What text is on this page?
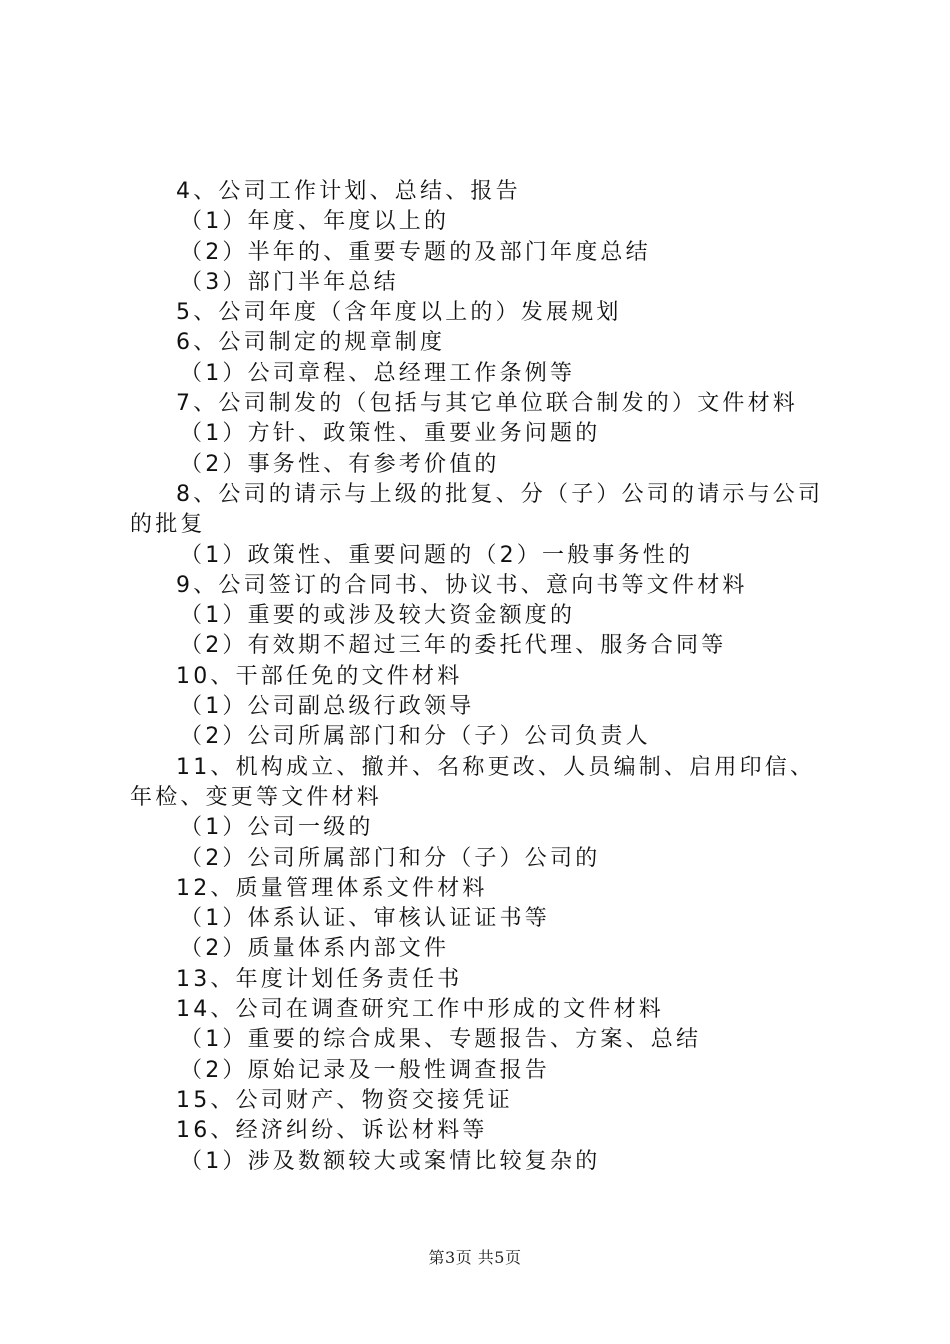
4、公司工作计划、总结、报告
（1）年度、年度以上的
（2）半年的、重要专题的及部门年度总结
（3）部门半年总结
5、公司年度（含年度以上的）发展规划
6、公司制定的规章制度
（1）公司章程、总经理工作条例等
7、公司制发的（包括与其它单位联合制发的）文件材料
（1）方针、政策性、重要业务问题的
（2）事务性、有参考价值的
8、公司的请示与上级的批复、分（子）公司的请示与公司
的批复
（1）政策性、重要问题的（2）一般事务性的
9、公司签订的合同书、协议书、意向书等文件材料
（1）重要的或涉及较大资金额度的
（2）有效期不超过三年的委托代理、服务合同等
10、干部任免的文件材料
（1）公司副总级行政领导
（2）公司所属部门和分（子）公司负责人
11、机构成立、撤并、名称更改、人员编制、启用印信、
年检、变更等文件材料
（1）公司一级的
（2）公司所属部门和分（子）公司的
12、质量管理体系文件材料
（1）体系认证、审核认证证书等
（2）质量体系内部文件
13、年度计划任务责任书
14、公司在调查研究工作中形成的文件材料
（1）重要的综合成果、专题报告、方案、总结
（2）原始记录及一般性调查报告
15、公司财产、物资交接凭证
16、经济纠纷、诉讼材料等
（1）涉及数额较大或案情比较复杂的
第3页 共5页
